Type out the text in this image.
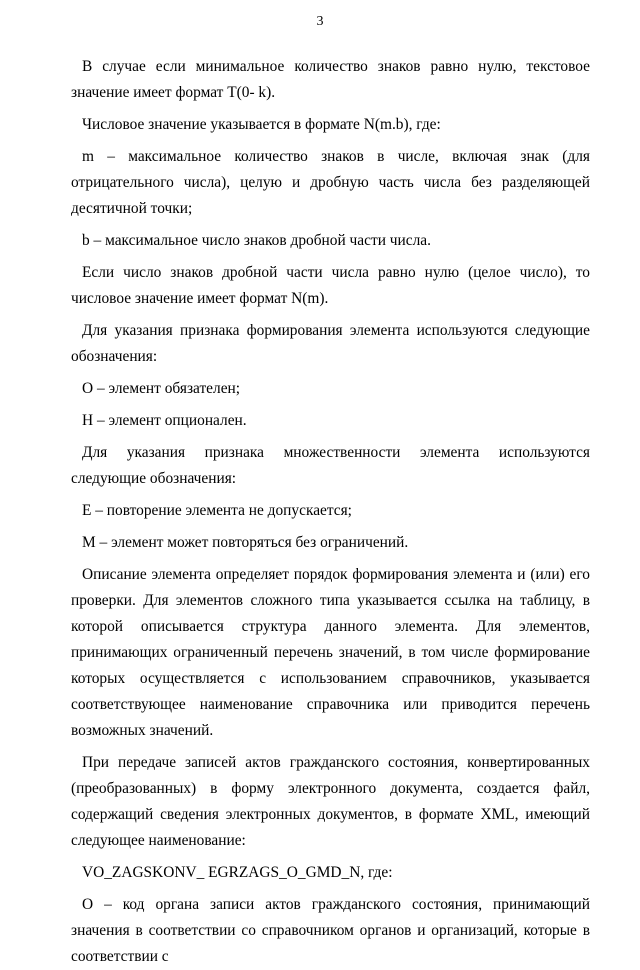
3

В случае если минимальное количество знаков равно нулю, текстовое значение имеет формат T(0- k).

Числовое значение указывается в формате N(m.b), где:

m – максимальное количество знаков в числе, включая знак (для отрицательного числа), целую и дробную часть числа без разделяющей десятичной точки;

b – максимальное число знаков дробной части числа.

Если число знаков дробной части числа равно нулю (целое число), то числовое значение имеет формат N(m).

Для указания признака формирования элемента используются следующие обозначения:

О – элемент обязателен;

Н – элемент опционален.

Для указания признака множественности элемента используются следующие обозначения:

Е – повторение элемента не допускается;

М – элемент может повторяться без ограничений.

Описание элемента определяет порядок формирования элемента и (или) его проверки. Для элементов сложного типа указывается ссылка на таблицу, в которой описывается структура данного элемента. Для элементов, принимающих ограниченный перечень значений, в том числе формирование которых осуществляется с использованием справочников, указывается соответствующее наименование справочника или приводится перечень возможных значений.

При передаче записей актов гражданского состояния, конвертированных (преобразованных) в форму электронного документа, создается файл, содержащий сведения электронных документов, в формате XML, имеющий следующее наименование:

VO_ZAGSKONV_ EGRZAGS_O_GMD_N, где:

O – код органа записи актов гражданского состояния, принимающий значения в соответствии со справочником органов и организаций, которые в соответствии с
